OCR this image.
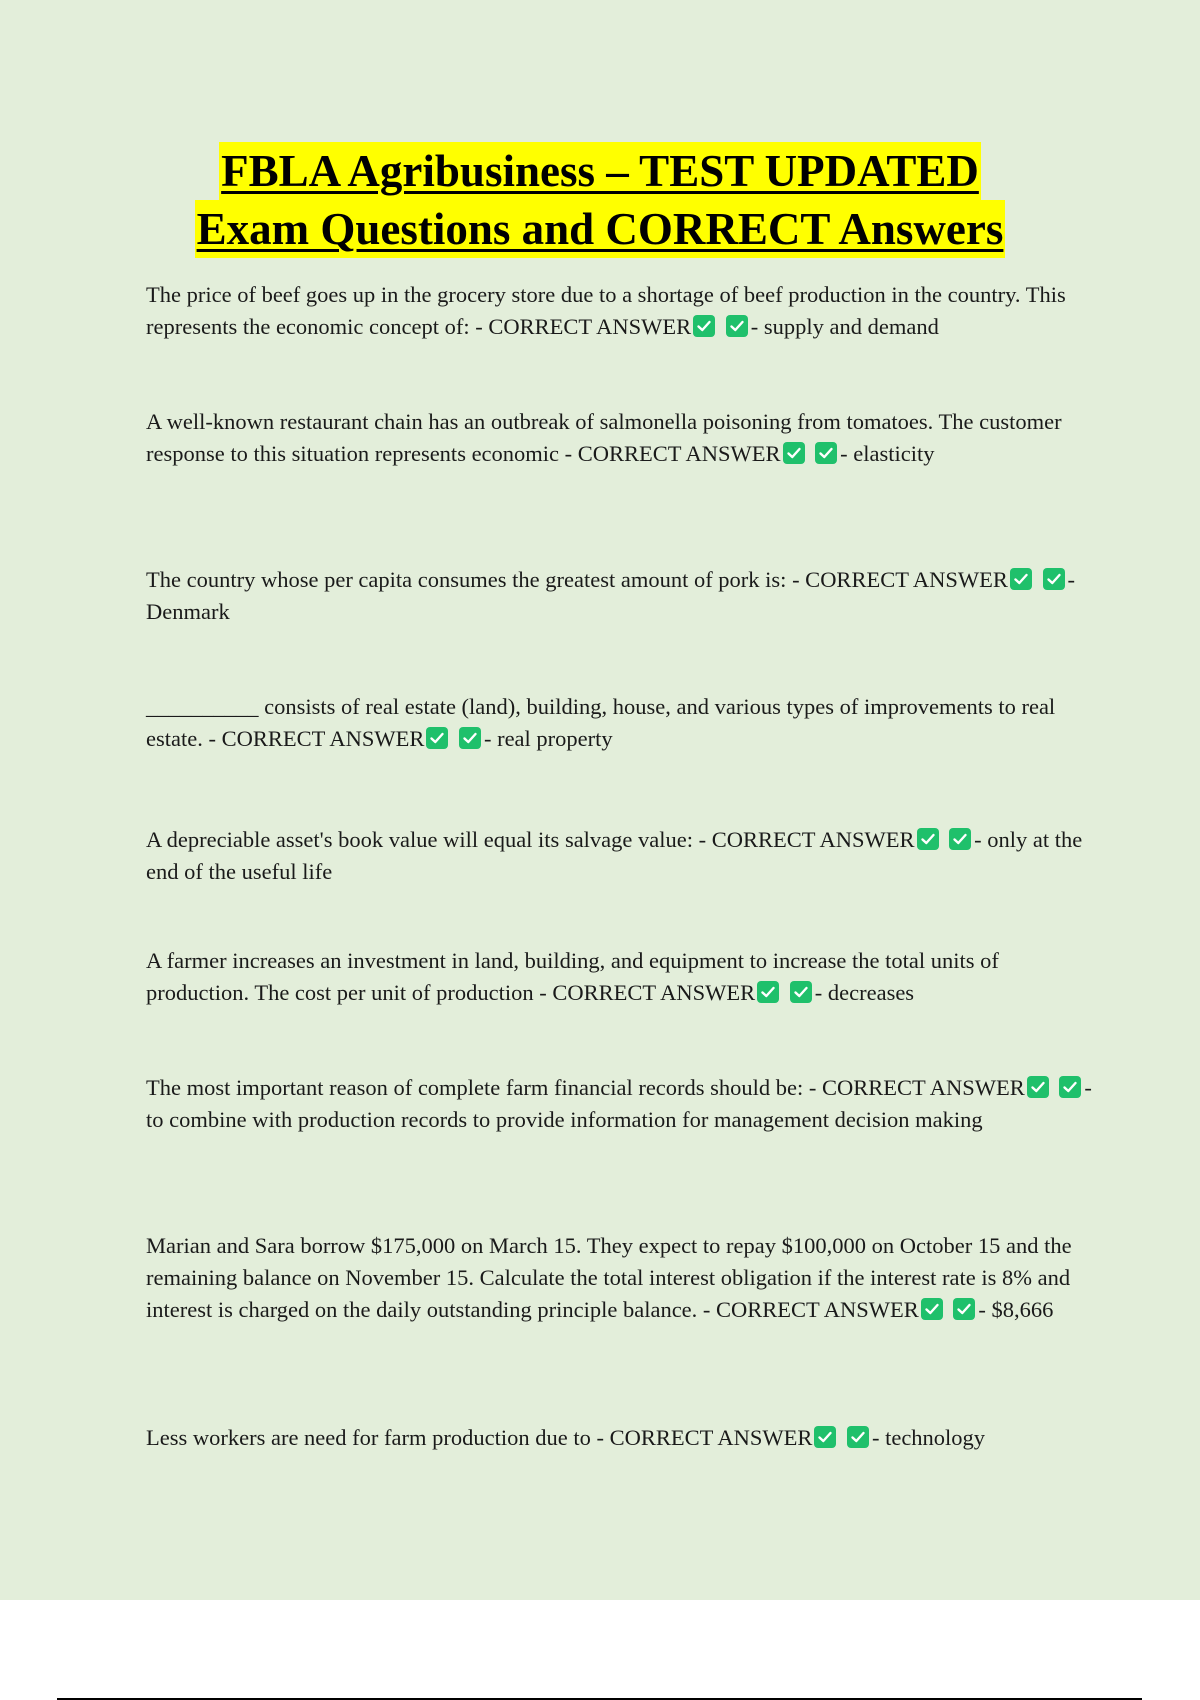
FBLA Agribusiness – TEST UPDATED
Exam Questions and CORRECT Answers

The price of beef goes up in the grocery store due to a shortage of beef production in the country. This represents the economic concept of: - CORRECT ANSWER
	- supply and demand

A well-known restaurant chain has an outbreak of salmonella poisoning from tomatoes. The customer response to this situation represents economic - CORRECT ANSWER
	- elasticity

The country whose per capita consumes the greatest amount of pork is: - CORRECT ANSWER
	- Denmark

__________ consists of real estate (land), building, house, and various types of improvements to real estate. - CORRECT ANSWER
	- real property

A depreciable asset's book value will equal its salvage value: - CORRECT ANSWER
	- only at the end of the useful life

A farmer increases an investment in land, building, and equipment to increase the total units of production. The cost per unit of production - CORRECT ANSWER
	- decreases

The most important reason of complete farm financial records should be: - CORRECT ANSWER
	- to combine with production records to provide information for management decision making

Marian and Sara borrow $175,000 on March 15. They expect to repay $100,000 on October 15 and the remaining balance on November 15. Calculate the total interest obligation if the interest rate is 8% and interest is charged on the daily outstanding principle balance. - CORRECT ANSWER
	- $8,666

Less workers are need for farm production due to - CORRECT ANSWER
	- technology
